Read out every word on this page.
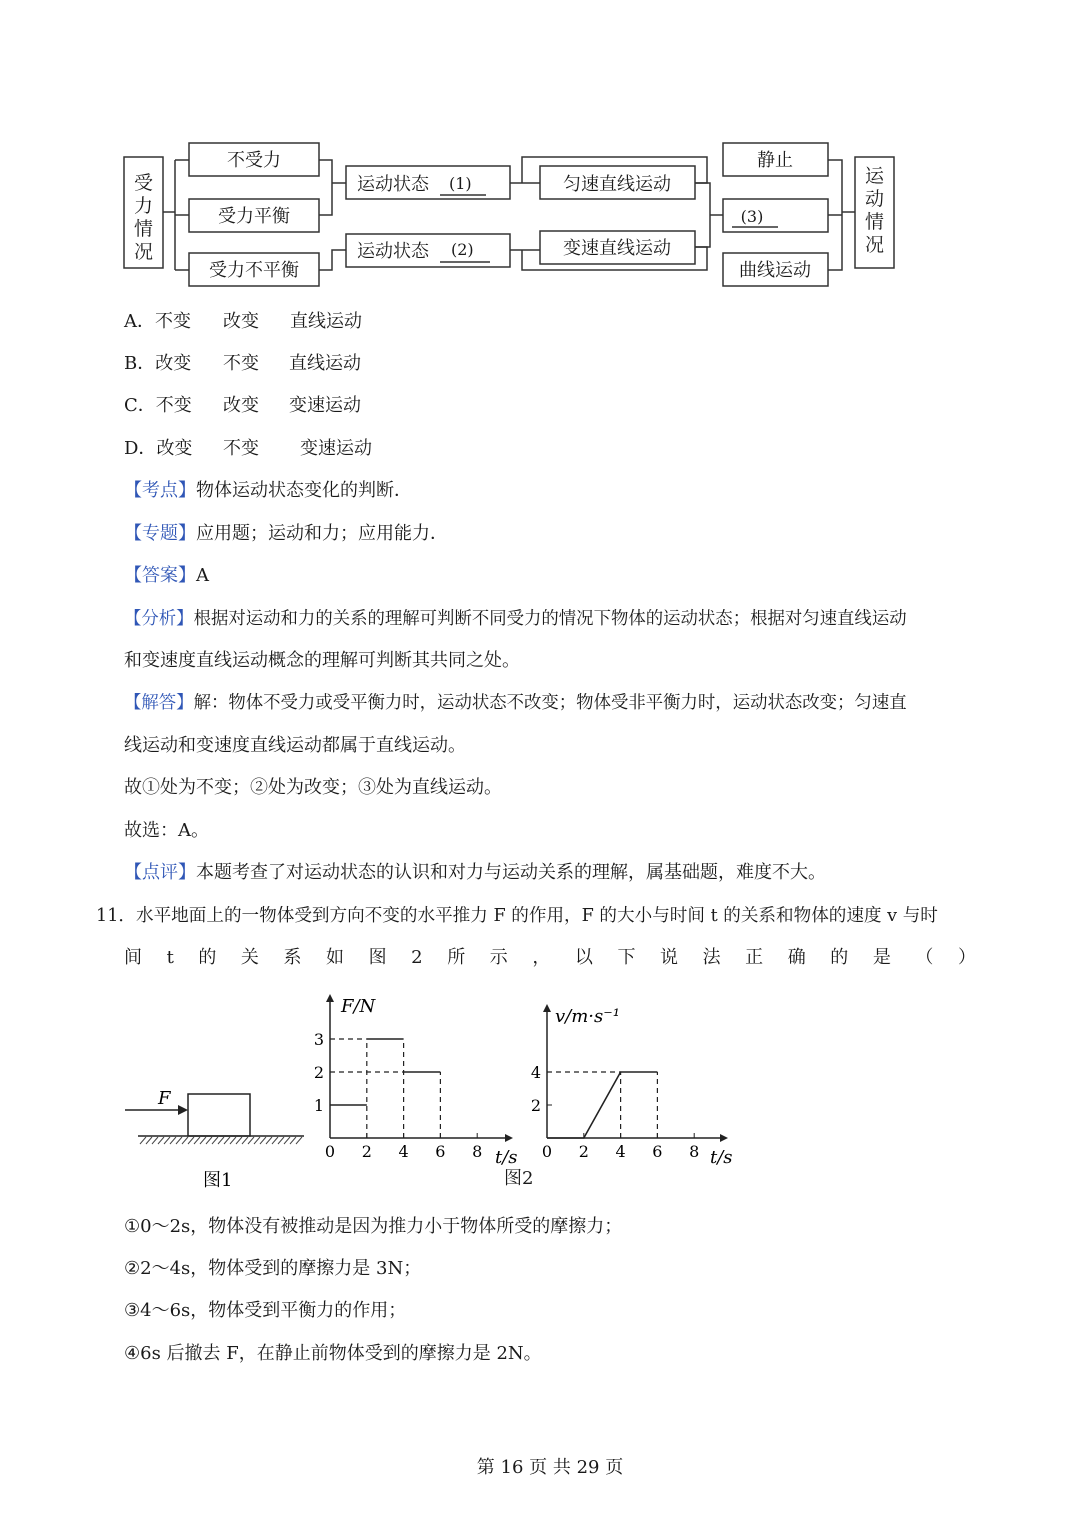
受 力 情 况
运 动 情 况
不受力
受力平衡
受力不平衡
运动状态 (1)
运动状态 (2)
匀速直线运动
变速直线运动
静止
(3)
曲线运动
A．不变 改变 直线运动
B．改变 不变 直线运动
C．不变 改变 变速运动
D．改变 不变 变速运动
【考点】物体运动状态变化的判断．
【专题】应用题；运动和力；应用能力．
【答案】A
【分析】根据对运动和力的关系的理解可判断不同受力的情况下物体的运动状态；根据对匀速直线运动
和变速度直线运动概念的理解可判断其共同之处。
【解答】解：物体不受力或受平衡力时，运动状态不改变；物体受非平衡力时，运动状态改变；匀速直
线运动和变速度直线运动都属于直线运动。
故①处为不变；②处为改变；③处为直线运动。
故选：A。
【点评】本题考查了对运动状态的认识和对力与运动关系的理解，属基础题，难度不大。
11．水平地面上的一物体受到方向不变的水平推力 F 的作用，F 的大小与时间 t 的关系和物体的速度 v 与时
间 t 的 关 系 如 图 2 所 示 ， 以 下 说 法 正 确 的 是 （ ）
F
图1	图2
0 2 4 6 8
1
2
3
t/s
F/N
0 2 4 6 8
2
4
t/s
v/m·s⁻¹
①0～2s，物体没有被推动是因为推力小于物体所受的摩擦力；
②2～4s，物体受到的摩擦力是 3N；
③4～6s，物体受到平衡力的作用；
④6s 后撤去 F，在静止前物体受到的摩擦力是 2N。
第 16 页 共 29 页
